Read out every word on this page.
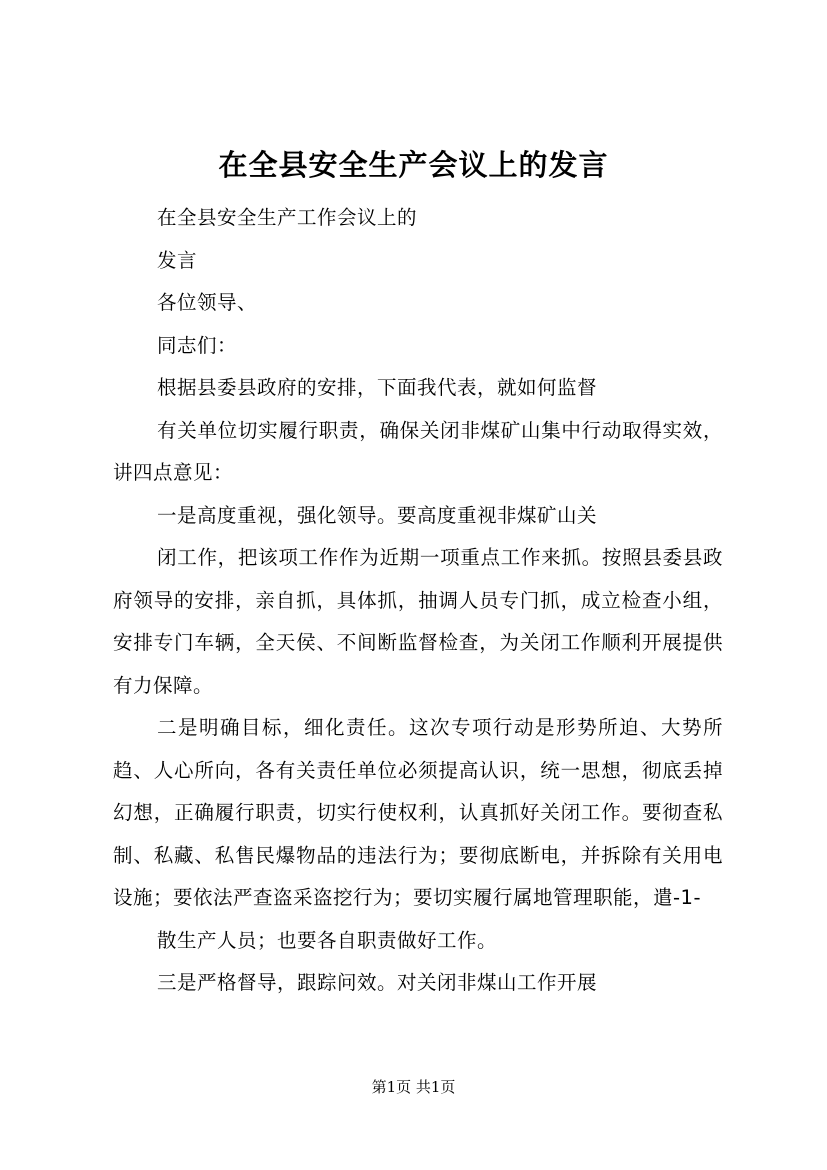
在全县安全生产会议上的发言

在全县安全生产工作会议上的

发言

各位领导、

同志们：

根据县委县政府的安排，下面我代表，就如何监督

有关单位切实履行职责，确保关闭非煤矿山集中行动取得实效，讲四点意见：

一是高度重视，强化领导。要高度重视非煤矿山关

闭工作，把该项工作作为近期一项重点工作来抓。按照县委县政府领导的安排，亲自抓，具体抓，抽调人员专门抓，成立检查小组，安排专门车辆，全天侯、不间断监督检查，为关闭工作顺利开展提供有力保障。

二是明确目标，细化责任。这次专项行动是形势所迫、大势所趋、人心所向，各有关责任单位必须提高认识，统一思想，彻底丢掉幻想，正确履行职责，切实行使权利，认真抓好关闭工作。要彻查私制、私藏、私售民爆物品的违法行为；要彻底断电，并拆除有关用电设施；要依法严查盗采盗挖行为；要切实履行属地管理职能，遣-1-

散生产人员；也要各自职责做好工作。

三是严格督导，跟踪问效。对关闭非煤山工作开展

第1页 共1页
